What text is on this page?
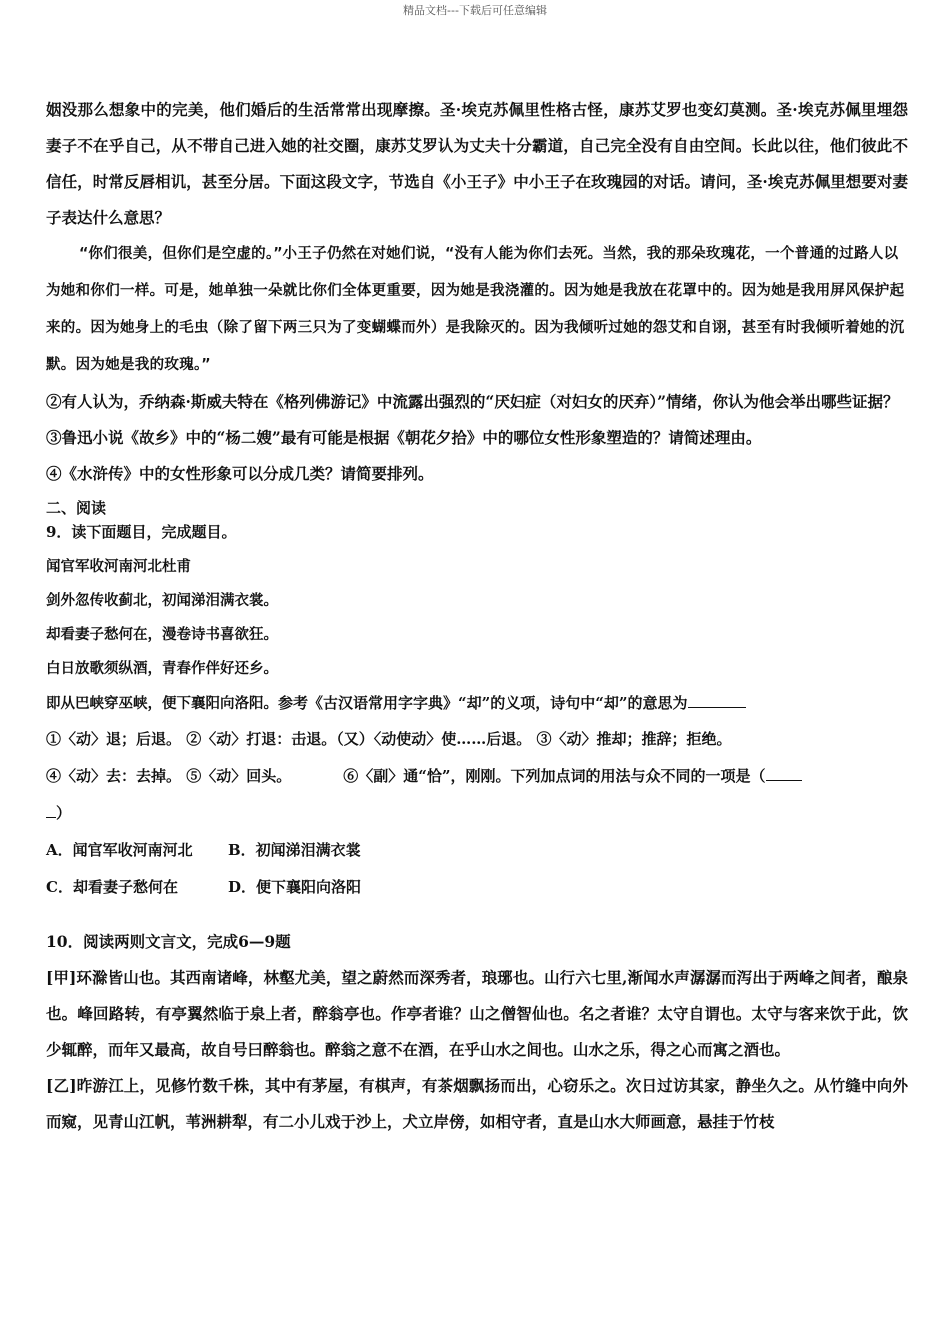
精品文档---下载后可任意编辑

姻没那么想象中的完美，他们婚后的生活常常出现摩擦。圣·埃克苏佩里性格古怪，康苏艾罗也变幻莫测。圣·埃克苏佩里埋怨妻子不在乎自己，从不带自己进入她的社交圈，康苏艾罗认为丈夫十分霸道，自己完全没有自由空间。长此以往，他们彼此不信任，时常反唇相讥，甚至分居。下面这段文字，节选自《小王子》中小王子在玫瑰园的对话。请问，圣·埃克苏佩里想要对妻子表达什么意思？

“你们很美，但你们是空虚的。”小王子仍然在对她们说，“没有人能为你们去死。当然，我的那朵玫瑰花，一个普通的过路人以为她和你们一样。可是，她单独一朵就比你们全体更重要，因为她是我浇灌的。因为她是我放在花罩中的。因为她是我用屏风保护起来的。因为她身上的毛虫（除了留下两三只为了变蝴蝶而外）是我除灭的。因为我倾听过她的怨艾和自诩，甚至有时我倾听着她的沉默。因为她是我的玫瑰。”

②有人认为，乔纳森·斯威夫特在《格列佛游记》中流露出强烈的“厌妇症（对妇女的厌弃）”情绪，你认为他会举出哪些证据？

③鲁迅小说《故乡》中的“杨二嫂”最有可能是根据《朝花夕拾》中的哪位女性形象塑造的？请简述理由。

④《水浒传》中的女性形象可以分成几类？请简要排列。

二、阅读

9．读下面题目，完成题目。

闻官军收河南河北杜甫

剑外忽传收蓟北，初闻涕泪满衣裳。

却看妻子愁何在，漫卷诗书喜欲狂。

白日放歌须纵酒，青春作伴好还乡。

即从巴峡穿巫峡，便下襄阳向洛阳。参考《古汉语常用字字典》“却”的义项，诗句中“却”的意思为

①〈动〉退；后退。 ②〈动〉打退：击退。（又）〈动使动〉使……后退。 ③〈动〉推却；推辞；拒绝。

④〈动〉去：去掉。 ⑤〈动〉回头。	⑥〈副〉通“恰”，刚刚。下列加点词的用法与众不同的一项是（

）

A．闻官军收河南河北 B．初闻涕泪满衣裳

C．却看妻子愁何在	D．便下襄阳向洛阳

10．阅读两则文言文，完成6—9题

[甲]环滁皆山也。其西南诸峰，林壑尤美，望之蔚然而深秀者，琅琊也。山行六七里,渐闻水声潺潺而泻出于两峰之间者，酿泉也。峰回路转，有亭翼然临于泉上者，醉翁亭也。作亭者谁？山之僧智仙也。名之者谁？太守自谓也。太守与客来饮于此，饮少辄醉，而年又最高，故自号曰醉翁也。醉翁之意不在酒，在乎山水之间也。山水之乐，得之心而寓之酒也。

[乙]昨游江上，见修竹数千株，其中有茅屋，有棋声，有茶烟飘扬而出，心窃乐之。次日过访其家，静坐久之。从竹缝中向外而窥，见青山江帆，苇洲耕犁，有二小儿戏于沙上，犬立岸傍，如相守者，直是山水大师画意，悬挂于竹枝
